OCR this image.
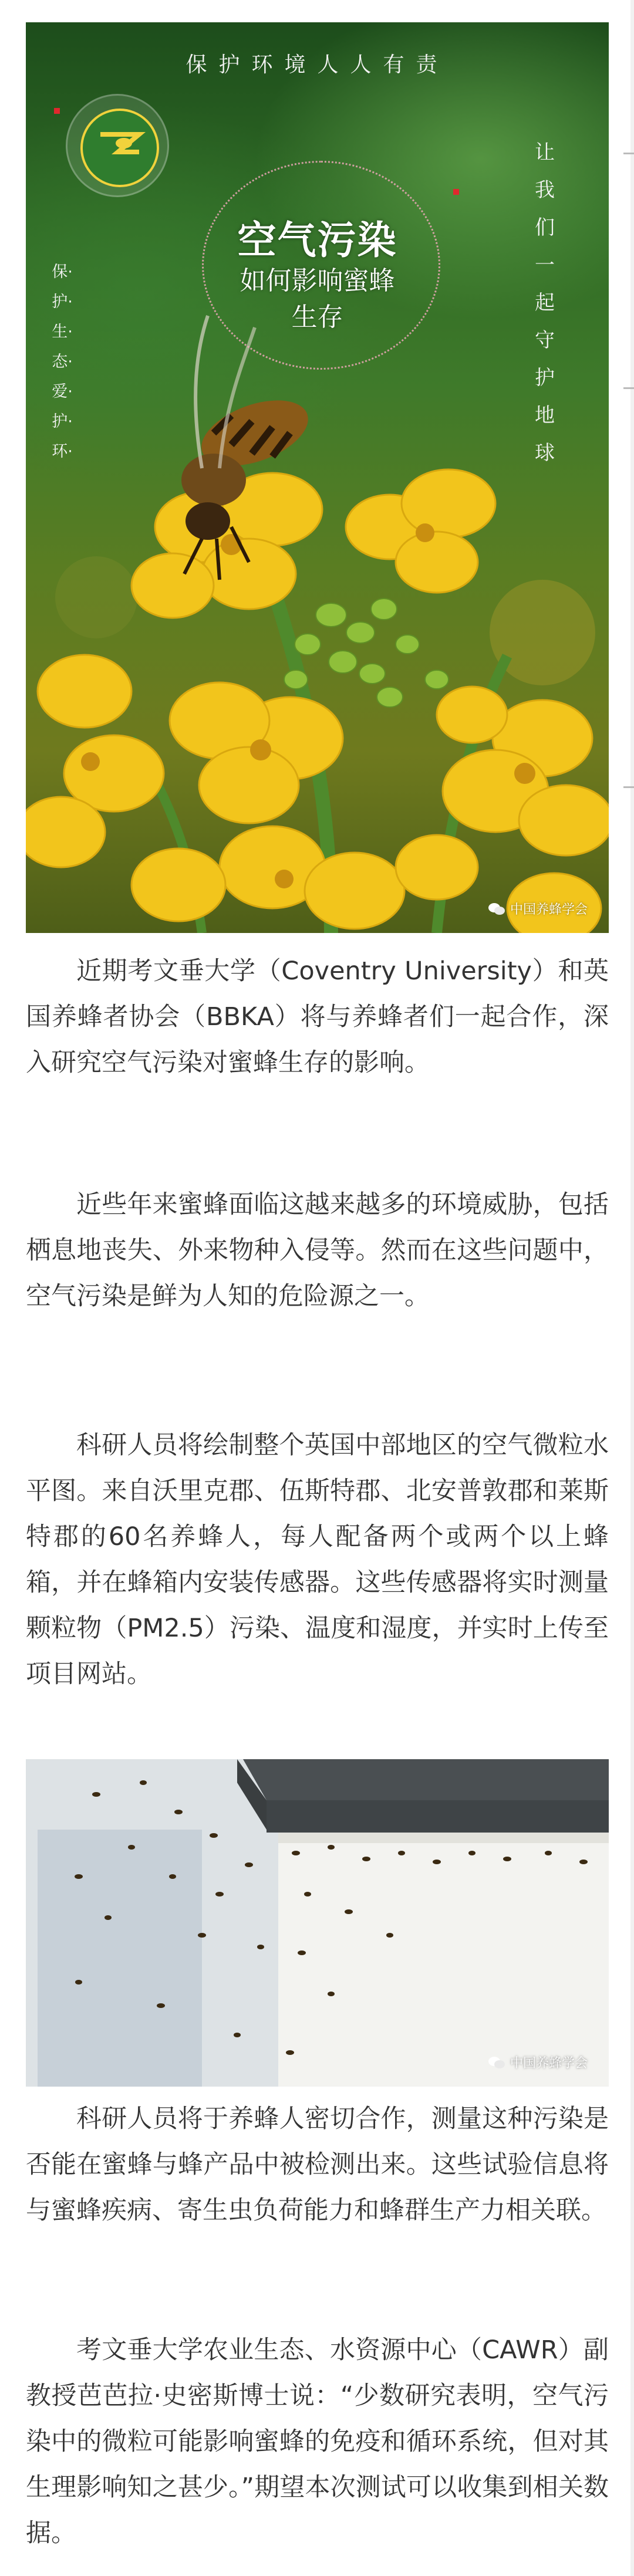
保护环境人人有责
让我们一起守护地球
保·护·生·态·爱·护·环·
空气污染
如何影响蜜蜂
生存
中国养蜂学会

近期考文垂大学（Coventry University）和英国养蜂者协会（BBKA）将与养蜂者们一起合作，深入研究空气污染对蜜蜂生存的影响。

近些年来蜜蜂面临这越来越多的环境威胁，包括栖息地丧失、外来物种入侵等。然而在这些问题中，空气污染是鲜为人知的危险源之一。

科研人员将绘制整个英国中部地区的空气微粒水平图。来自沃里克郡、伍斯特郡、北安普敦郡和莱斯特郡的60名养蜂人，每人配备两个或两个以上蜂箱，并在蜂箱内安装传感器。这些传感器将实时测量颗粒物（PM2.5）污染、温度和湿度，并实时上传至项目网站。

中国养蜂学会

科研人员将于养蜂人密切合作，测量这种污染是否能在蜜蜂与蜂产品中被检测出来。这些试验信息将与蜜蜂疾病、寄生虫负荷能力和蜂群生产力相关联。

考文垂大学农业生态、水资源中心（CAWR）副教授芭芭拉·史密斯博士说：“少数研究表明，空气污染中的微粒可能影响蜜蜂的免疫和循环系统，但对其生理影响知之甚少。”期望本次测试可以收集到相关数据。
